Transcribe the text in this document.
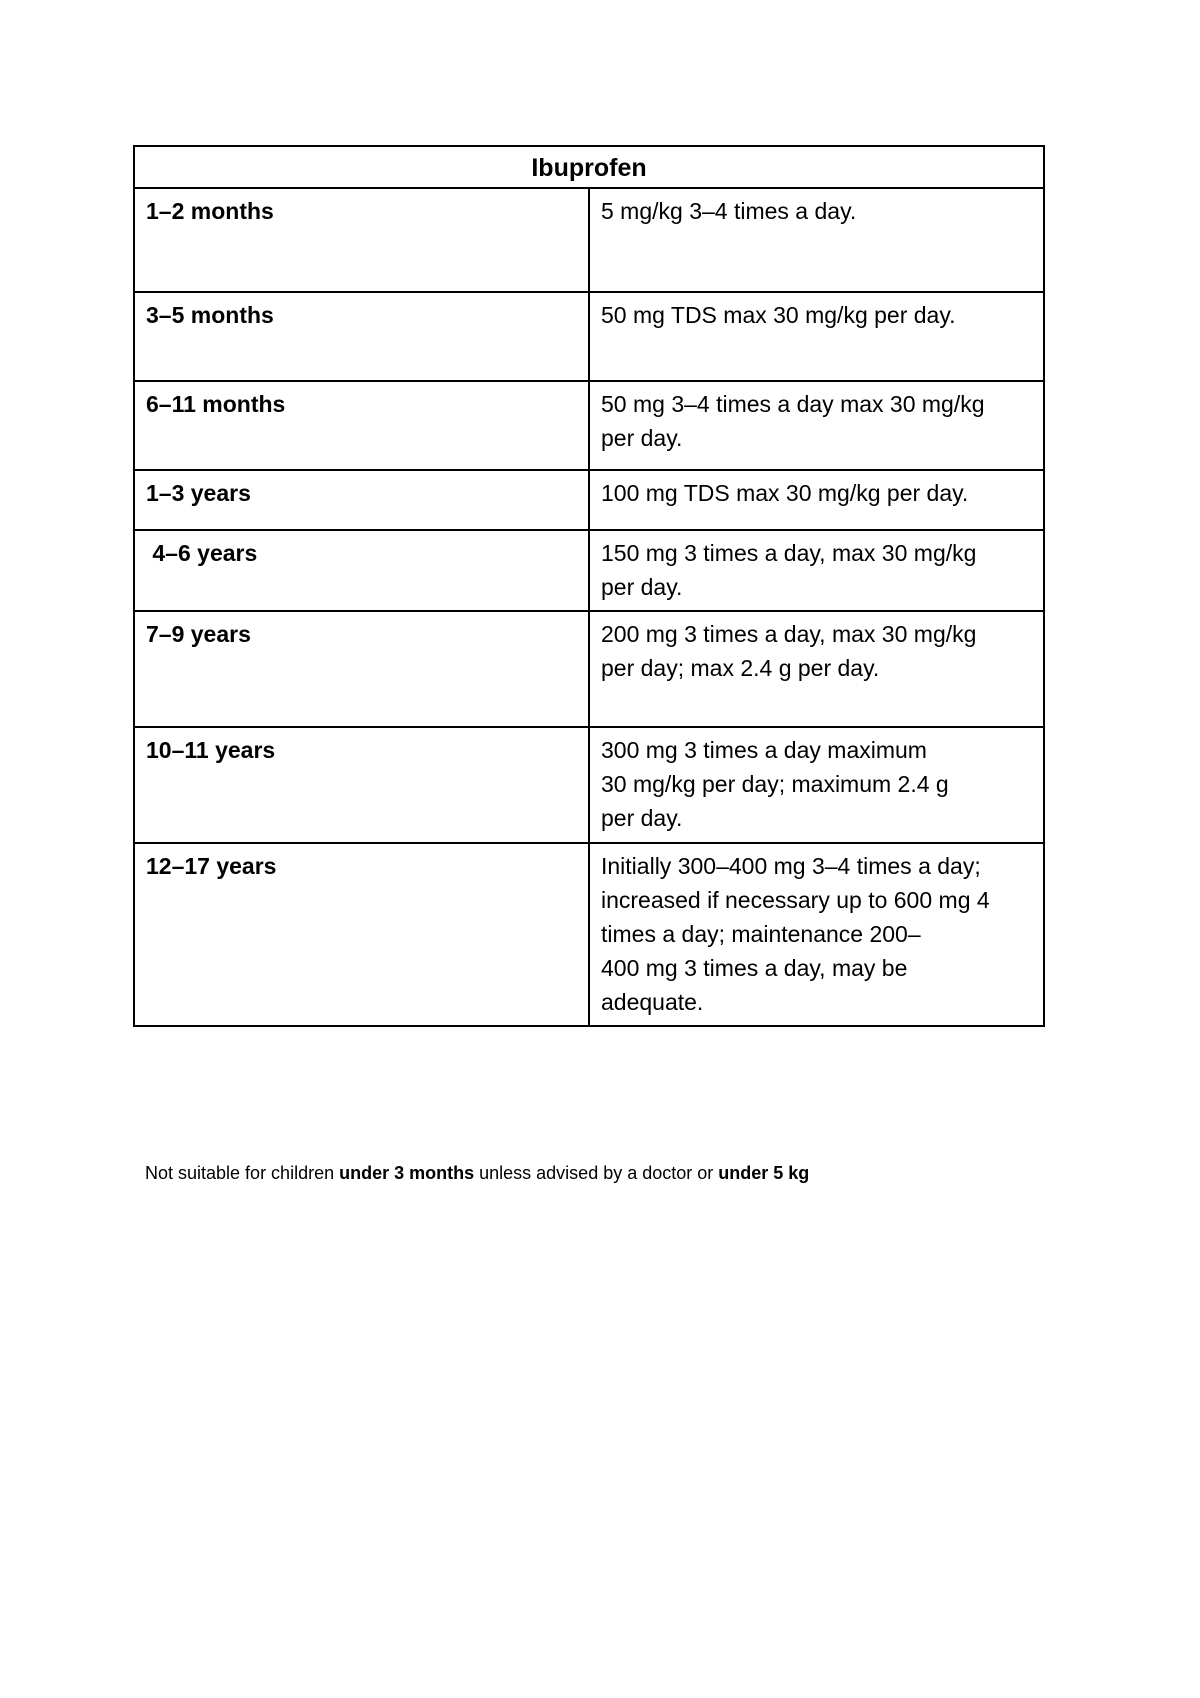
Ibuprofen	
1–2 months	5 mg/kg 3–4 times a day.
3–5 months	50 mg TDS max 30 mg/kg per day.
6–11 months	50 mg 3–4 times a day max 30 mg/kg
per day.
1–3 years	100 mg TDS max 30 mg/kg per day.
4–6 years	150 mg 3 times a day, max 30 mg/kg
per day.
7–9 years	200 mg 3 times a day, max 30 mg/kg
per day; max 2.4 g per day.
10–11 years	300 mg 3 times a day maximum
30 mg/kg per day; maximum 2.4 g
per day.
12–17 years	Initially 300–400 mg 3–4 times a day;
increased if necessary up to 600 mg 4
times a day; maintenance 200–
400 mg 3 times a day, may be
adequate.

Not suitable for children under 3 months unless advised by a doctor or under 5 kg
